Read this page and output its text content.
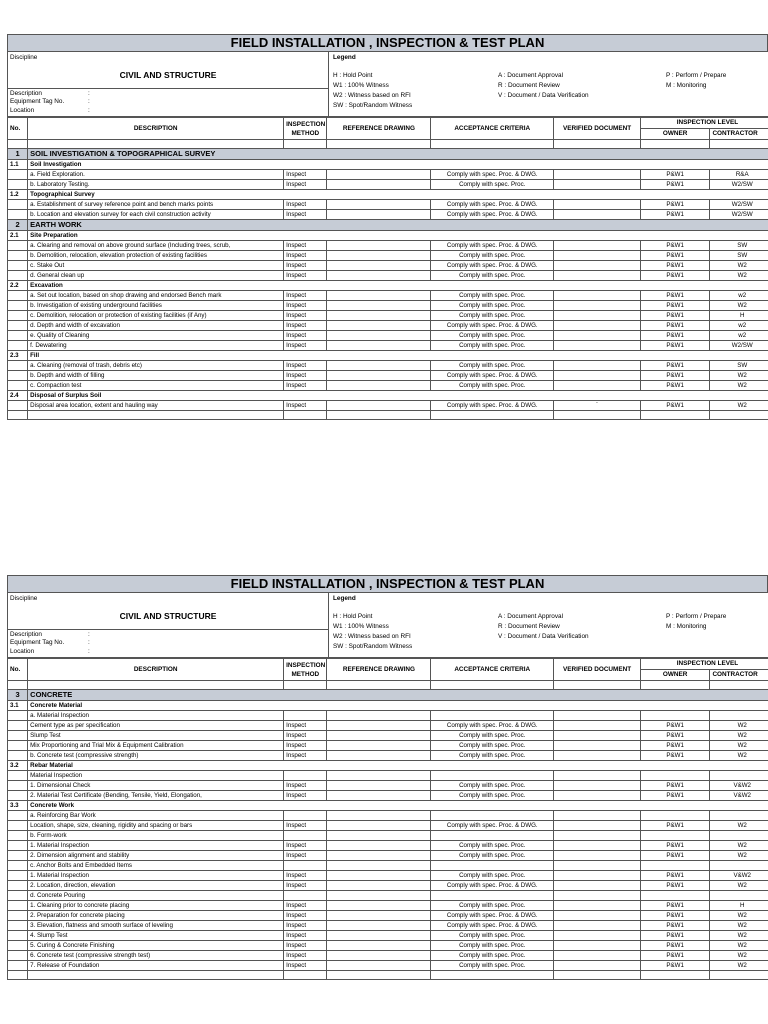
FIELD INSTALLATION , INSPECTION & TEST PLAN
Discipline
CIVIL AND STRUCTURE
Description	:
Equipment Tag No.	:
Location	:
Legend
H : Hold Point
W1 : 100% Witness
W2 : Witness based on RFI
SW : Spot/Random Witness
A : Document Approval
R : Document Review
V : Document / Data Verification
P : Perform / Prepare
M : Monitoring
No.	DESCRIPTION	INSPECTION METHOD	REFERENCE DRAWING	ACCEPTANCE CRITERIA	VERIFIED DOCUMENT	INSPECTION LEVEL	
						OWNER	CONTRACTOR

1	SOIL INVESTIGATION & TOPOGRAPHICAL SURVEY						
1.1	Soil Investigation						
	a. Field Exploration.	Inspect		Comply with spec. Proc. & DWG.		P&W1	R&A
	b. Laboratory Testing.	Inspect		Comply with spec. Proc.		P&W1	W2/SW
1.2	Topographical Survey						
	a. Establishment of survey reference point and bench marks points	Inspect		Comply with spec. Proc. & DWG.		P&W1	W2/SW
	b. Location and elevation survey for each civil construction activity	Inspect		Comply with spec. Proc. & DWG.		P&W1	W2/SW
2	EARTH WORK						
2.1	Site Preparation						
	a. Clearing and removal on above ground surface (Including trees, scrub,	Inspect		Comply with spec. Proc. & DWG.		P&W1	SW
	b. Demolition, relocation, elevation protection of existing facilities	Inspect		Comply with spec. Proc.		P&W1	SW
	c. Stake Out	Inspect		Comply with spec. Proc. & DWG.		P&W1	W2
	d. General clean up	Inspect		Comply with spec. Proc.		P&W1	W2
2.2	Excavation						
	a. Set out location, based on shop drawing and endorsed Bench mark	Inspect		Comply with spec. Proc.		P&W1	w2
	b. Investigation of existing underground facilities	Inspect		Comply with spec. Proc.		P&W1	W2
	c. Demolition, relocation or protection of existing facilities (if Any)	Inspect		Comply with spec. Proc.		P&W1	H
	d. Depth and width of excavation	Inspect		Comply with spec. Proc. & DWG.		P&W1	w2
	e. Quality of Cleaning	Inspect		Comply with spec. Proc.		P&W1	w2
	f. Dewatering	Inspect		Comply with spec. Proc.		P&W1	W2/SW
2.3	Fill						
	a. Cleaning (removal of trash, debris etc)	Inspect		Comply with spec. Proc.		P&W1	SW
	b. Depth and width of filling	Inspect		Comply with spec. Proc. & DWG.		P&W1	W2
	c. Compaction test	Inspect		Comply with spec. Proc.		P&W1	W2
2.4	Disposal of Surplus Soil						
	Disposal area location, extent and hauling way	Inspect		Comply with spec. Proc. & DWG.	`	P&W1	W2

FIELD INSTALLATION , INSPECTION & TEST PLAN
Discipline
CIVIL AND STRUCTURE
Description	:
Equipment Tag No.	:
Location	:
Legend
H : Hold Point
W1 : 100% Witness
W2 : Witness based on RFI
SW : Spot/Random Witness
A : Document Approval
R : Document Review
V : Document / Data Verification
P : Perform / Prepare
M : Monitoring
No.	DESCRIPTION	INSPECTION METHOD	REFERENCE DRAWING	ACCEPTANCE CRITERIA	VERIFIED DOCUMENT	INSPECTION LEVEL	
						OWNER	CONTRACTOR

3	CONCRETE						
3.1	Concrete Material						
	a. Material Inspection						
	Cement type as per specification	Inspect		Comply with spec. Proc. & DWG.		P&W1	W2
	Slump Test	Inspect		Comply with spec. Proc.		P&W1	W2
	Mix Proportioning and Trial Mix & Equipment Calibration	Inspect		Comply with spec. Proc.		P&W1	W2
	b. Concrete test (compressive strength)	Inspect		Comply with spec. Proc.		P&W1	W2
3.2	Rebar Material						
	Material Inspection						
	1. Dimensional Check	Inspect		Comply with spec. Proc.		P&W1	V&W2
	2. Material Test Certificate (Bending, Tensile, Yield, Elongation,	Inspect		Comply with spec. Proc.		P&W1	V&W2
3.3	Concrete Work						
	a. Reinforcing Bar Work						
	Location, shape, size, cleaning, rigidity and spacing or bars	Inspect		Comply with spec. Proc. & DWG.		P&W1	W2
	b. Form-work						
	1. Material Inspection	Inspect		Comply with spec. Proc.		P&W1	W2
	2. Dimension alignment and stability	Inspect		Comply with spec. Proc.		P&W1	W2
	c. Anchor Bolts and Embedded Items						
	1. Material Inspection	Inspect		Comply with spec. Proc.		P&W1	V&W2
	2. Location, direction, elevation	Inspect		Comply with spec. Proc. & DWG.		P&W1	W2
	d. Concrete Pouring						
	1. Cleaning prior to concrete placing	Inspect		Comply with spec. Proc.		P&W1	H
	2. Preparation for concrete placing	Inspect		Comply with spec. Proc. & DWG.		P&W1	W2
	3. Elevation, flatness and smooth surface of leveling	Inspect		Comply with spec. Proc. & DWG.		P&W1	W2
	4. Slump Test	Inspect		Comply with spec. Proc.		P&W1	W2
	5. Curing & Concrete Finishing	Inspect		Comply with spec. Proc.		P&W1	W2
	6. Concrete test (compressive strength test)	Inspect		Comply with spec. Proc.		P&W1	W2
	7. Release of Foundation	Inspect		Comply with spec. Proc.		P&W1	W2
